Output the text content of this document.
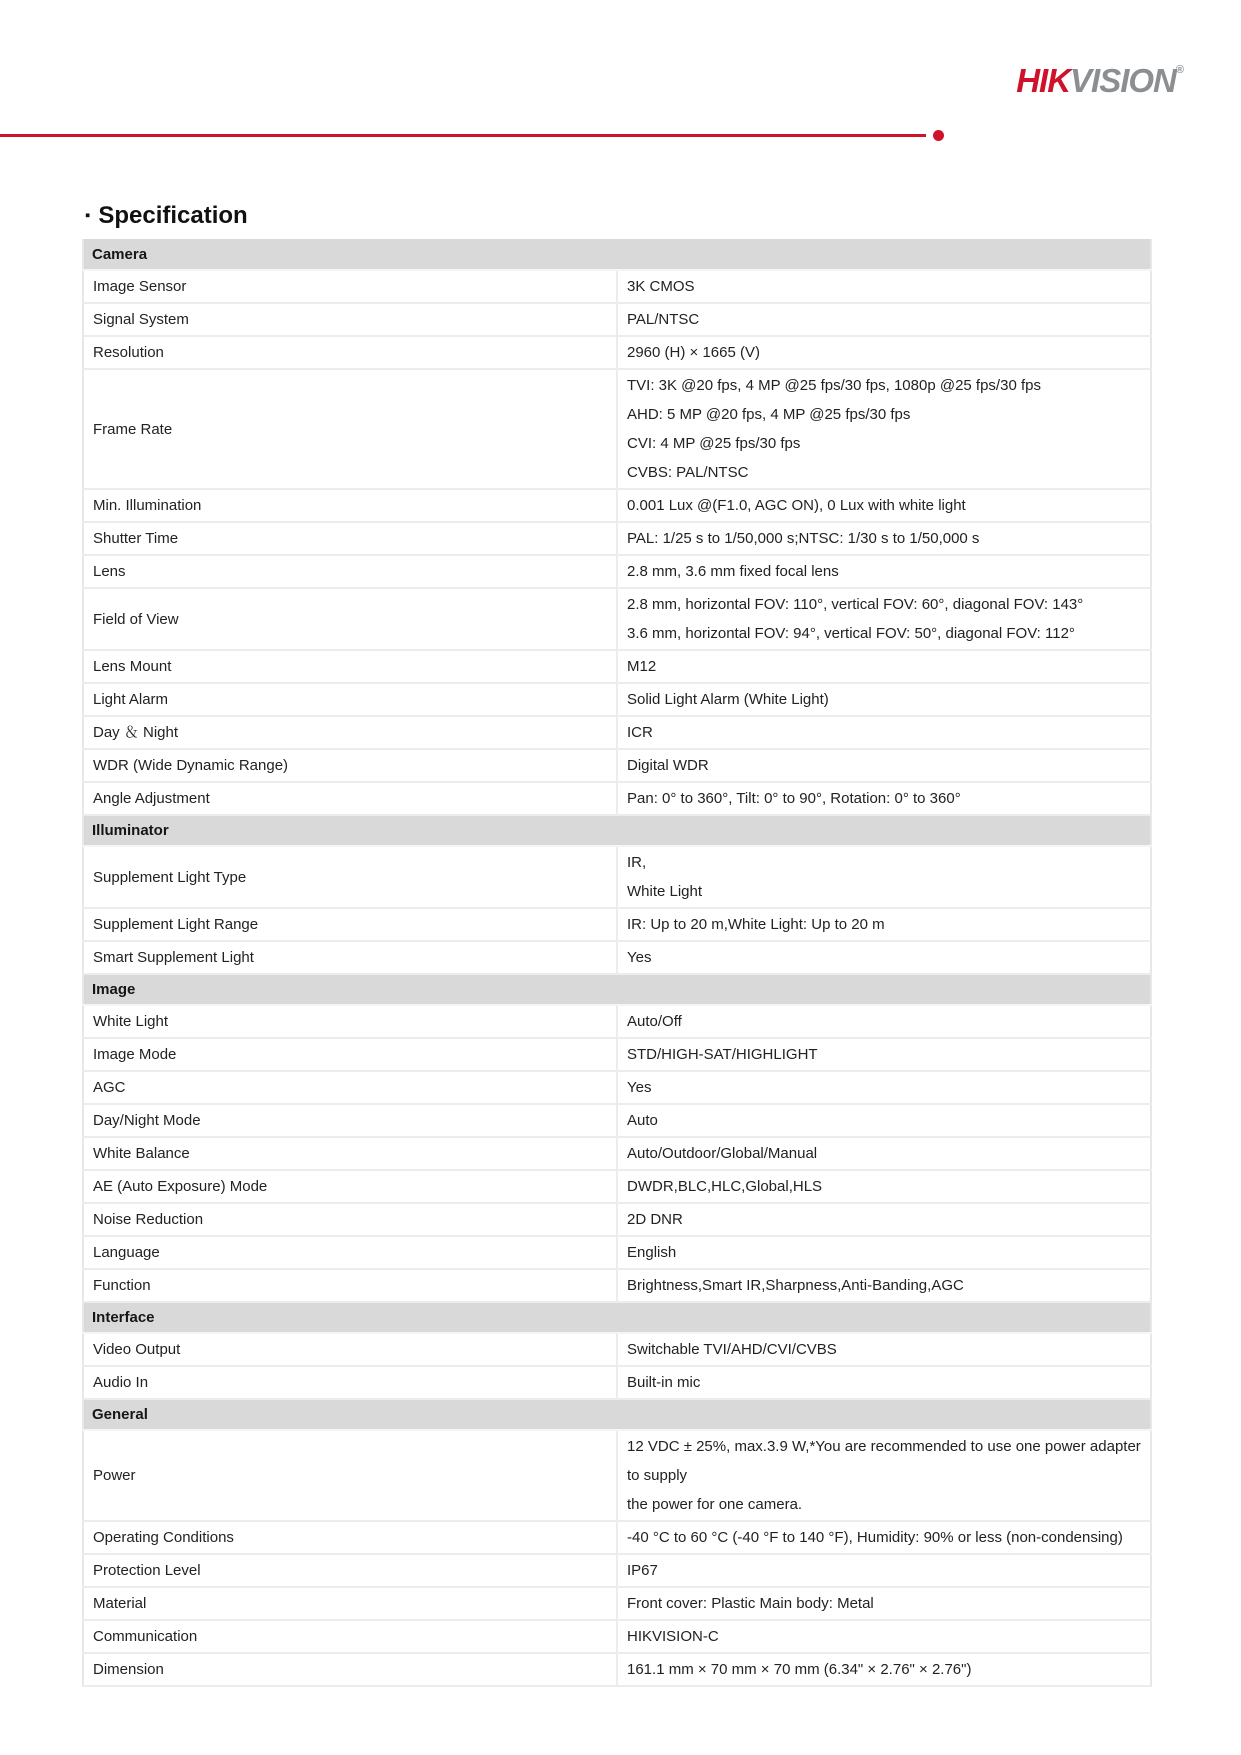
HIKVISION®
▪ Specification
Camera	

Image Sensor	3K CMOS

Signal System	PAL/NTSC

Resolution	2960 (H) × 1665 (V)

Frame Rate	TVI: 3K @20 fps, 4 MP @25 fps/30 fps, 1080p @25 fps/30 fps
AHD: 5 MP @20 fps, 4 MP @25 fps/30 fps
CVI: 4 MP @25 fps/30 fps
CVBS: PAL/NTSC

Min. Illumination	0.001 Lux @(F1.0, AGC ON), 0 Lux with white light

Shutter Time	PAL: 1/25 s to 1/50,000 s;NTSC: 1/30 s to 1/50,000 s

Lens	2.8 mm, 3.6 mm fixed focal lens

Field of View	2.8 mm, horizontal FOV: 110°, vertical FOV: 60°, diagonal FOV: 143°
3.6 mm, horizontal FOV: 94°, vertical FOV: 50°, diagonal FOV: 112°

Lens Mount	M12

Light Alarm	Solid Light Alarm (White Light)

Day ＆ Night	ICR

WDR (Wide Dynamic Range)	Digital WDR

Angle Adjustment	Pan: 0° to 360°, Tilt: 0° to 90°, Rotation: 0° to 360°

Illuminator	

Supplement Light Type	IR,
White Light

Supplement Light Range	IR: Up to 20 m,White Light: Up to 20 m

Smart Supplement Light	Yes

Image	

White Light	Auto/Off

Image Mode	STD/HIGH-SAT/HIGHLIGHT

AGC	Yes

Day/Night Mode	Auto

White Balance	Auto/Outdoor/Global/Manual

AE (Auto Exposure) Mode	DWDR,BLC,HLC,Global,HLS

Noise Reduction	2D DNR

Language	English

Function	Brightness,Smart IR,Sharpness,Anti-Banding,AGC

Interface	

Video Output	Switchable TVI/AHD/CVI/CVBS

Audio In	Built-in mic

General	

Power	12 VDC ± 25%, max.3.9 W,*You are recommended to use one power adapter to supply
the power for one camera.

Operating Conditions	-40 °C to 60 °C (-40 °F to 140 °F), Humidity: 90% or less (non-condensing)

Protection Level	IP67

Material	Front cover: Plastic Main body: Metal

Communication	HIKVISION-C

Dimension	161.1 mm × 70 mm × 70 mm (6.34" × 2.76" × 2.76")
